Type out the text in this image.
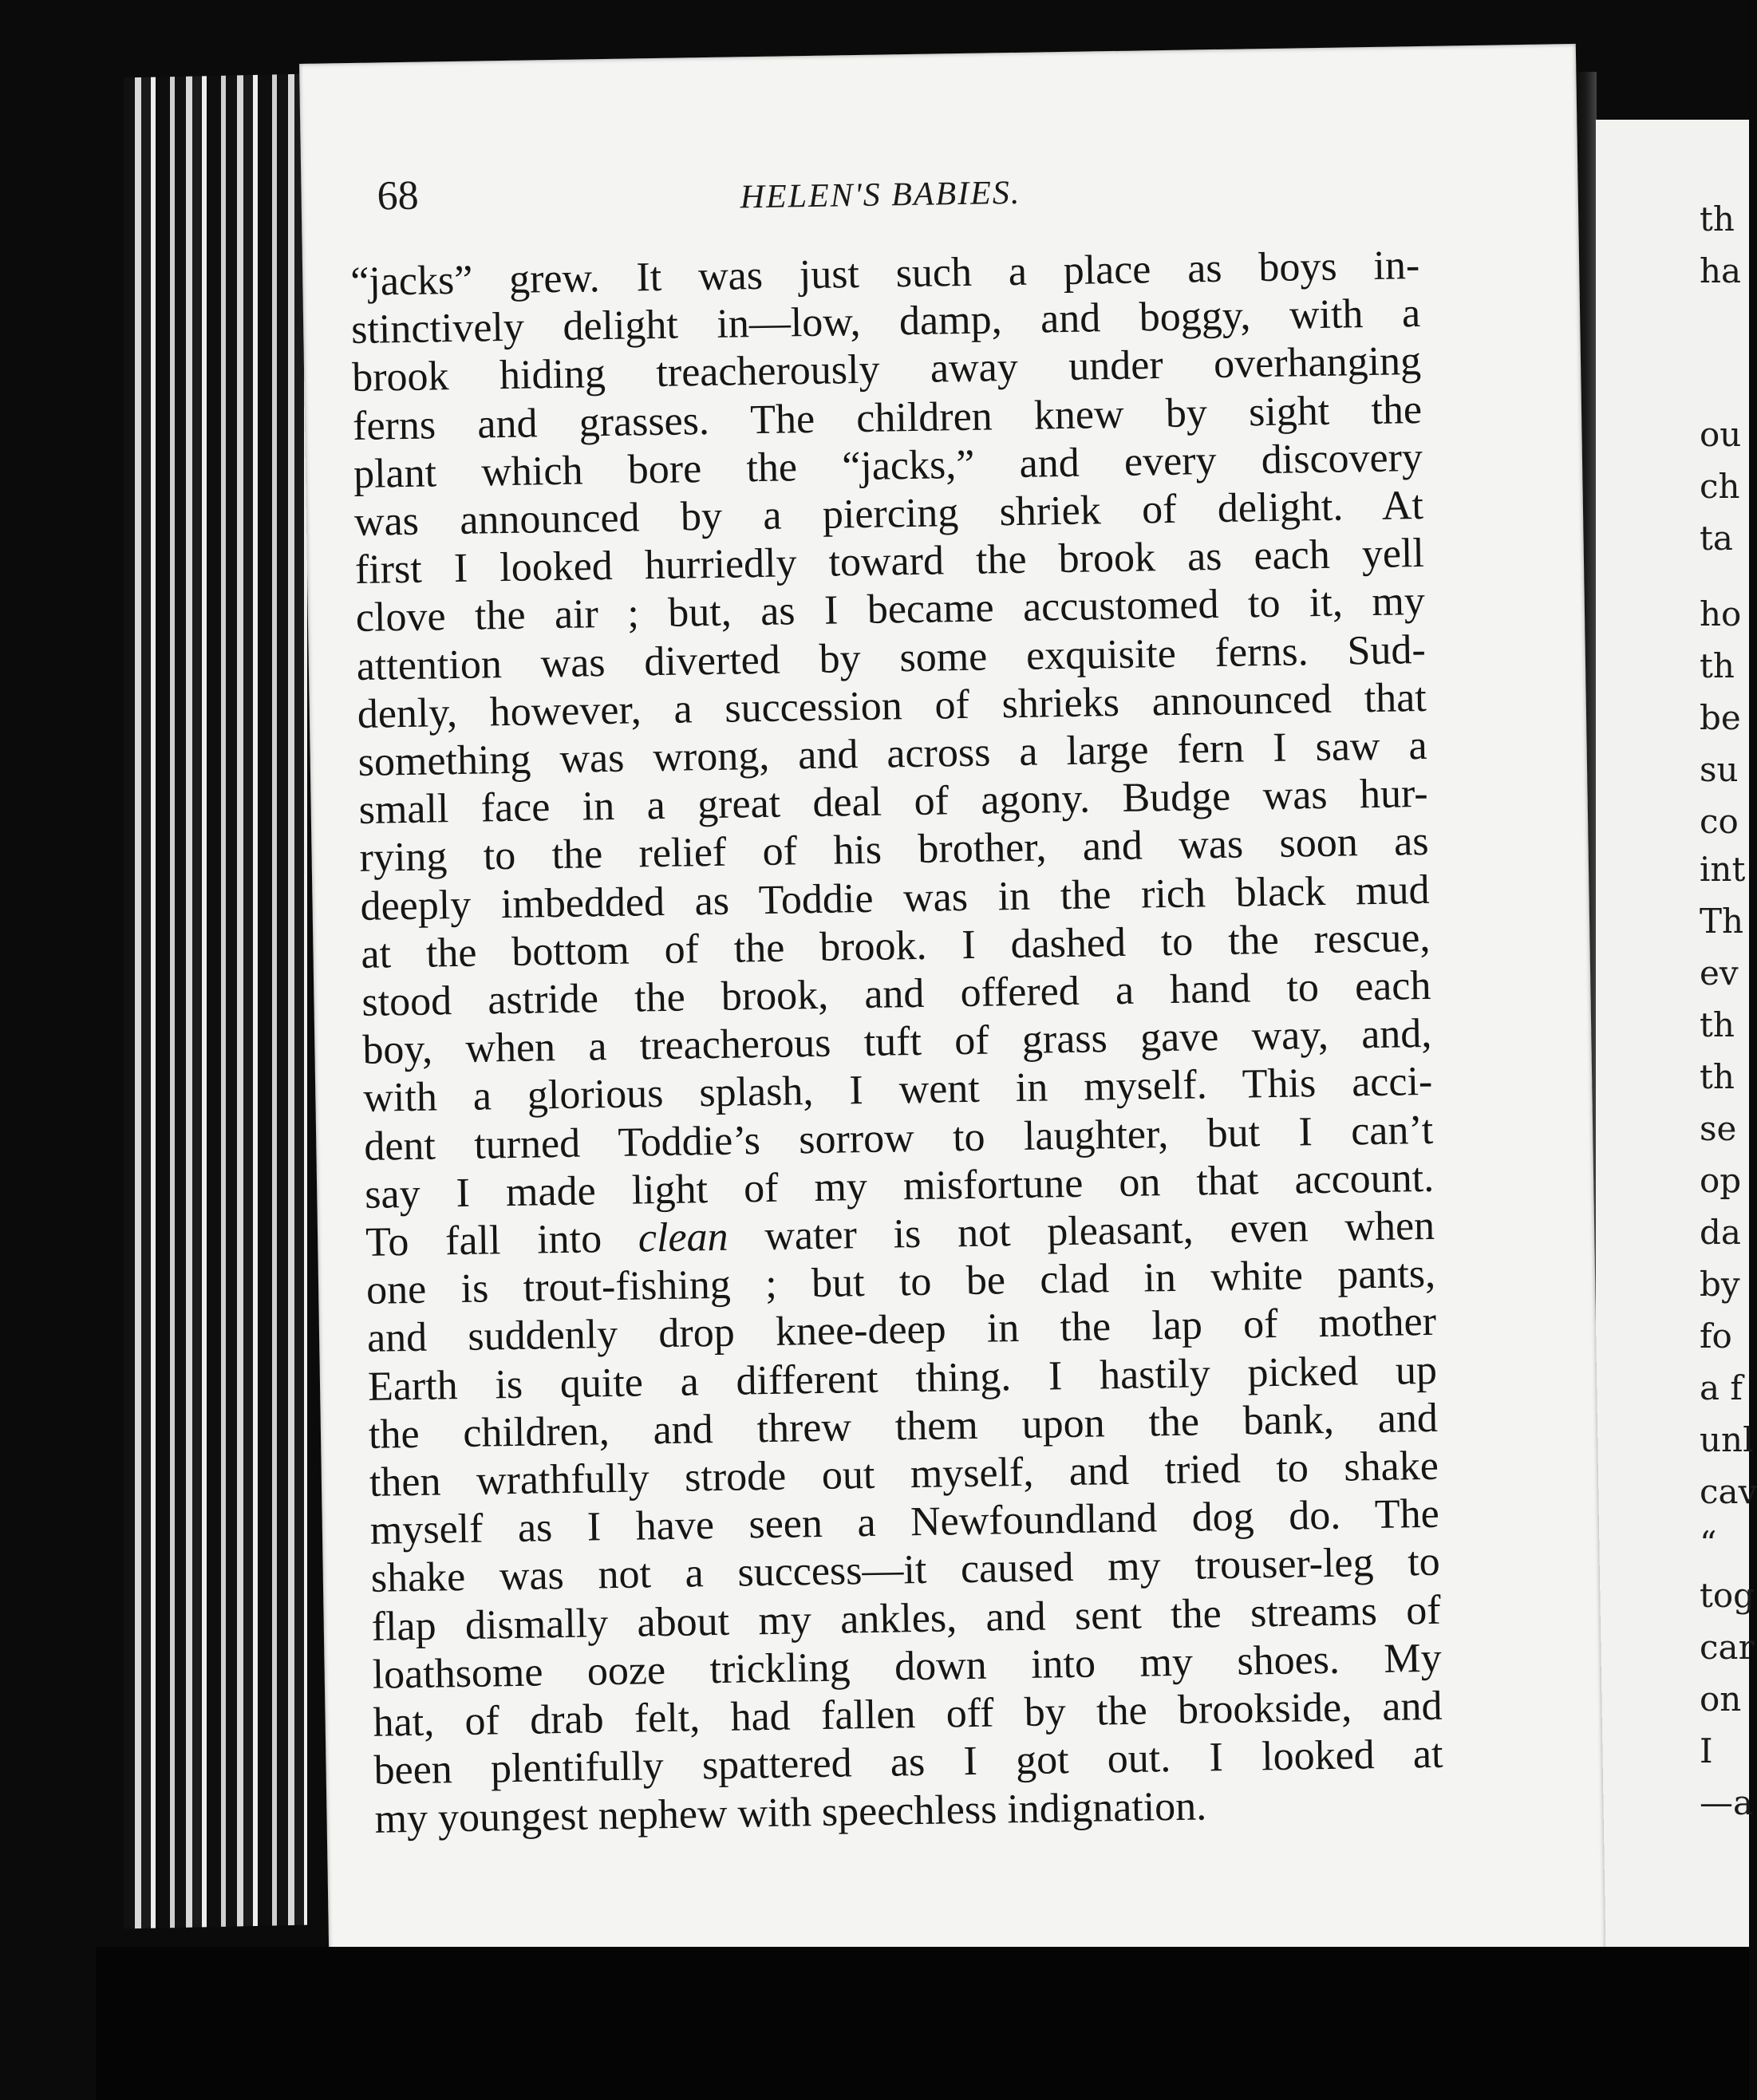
th
ha
ou
ch
ta
ho
th
be
su
co
int
Th
ev
th
th
se
op
da
by
fo
a f
unl
cav
“
tog
car
on
I
—a
68	HELEN'S BABIES.
“jacks” grew. It was just such a place as boys in-
stinctively delight in—low, damp, and boggy, with a
brook hiding treacherously away under overhanging
ferns and grasses. The children knew by sight the
plant which bore the “jacks,” and every discovery
was announced by a piercing shriek of delight. At
first I looked hurriedly toward the brook as each yell
clove the air ; but, as I became accustomed to it, my
attention was diverted by some exquisite ferns. Sud-
denly, however, a succession of shrieks announced that
something was wrong, and across a large fern I saw a
small face in a great deal of agony. Budge was hur-
rying to the relief of his brother, and was soon as
deeply imbedded as Toddie was in the rich black mud
at the bottom of the brook. I dashed to the rescue,
stood astride the brook, and offered a hand to each
boy, when a treacherous tuft of grass gave way, and,
with a glorious splash, I went in myself. This acci-
dent turned Toddie’s sorrow to laughter, but I can’t
say I made light of my misfortune on that account.
To fall into clean water is not pleasant, even when
one is trout-fishing ; but to be clad in white pants,
and suddenly drop knee-deep in the lap of mother
Earth is quite a different thing. I hastily picked up
the children, and threw them upon the bank, and
then wrathfully strode out myself, and tried to shake
myself as I have seen a Newfoundland dog do. The
shake was not a success—it caused my trouser-leg to
flap dismally about my ankles, and sent the streams of
loathsome ooze trickling down into my shoes. My
hat, of drab felt, had fallen off by the brookside, and
been plentifully spattered as I got out. I looked at
my youngest nephew with speechless indignation.
